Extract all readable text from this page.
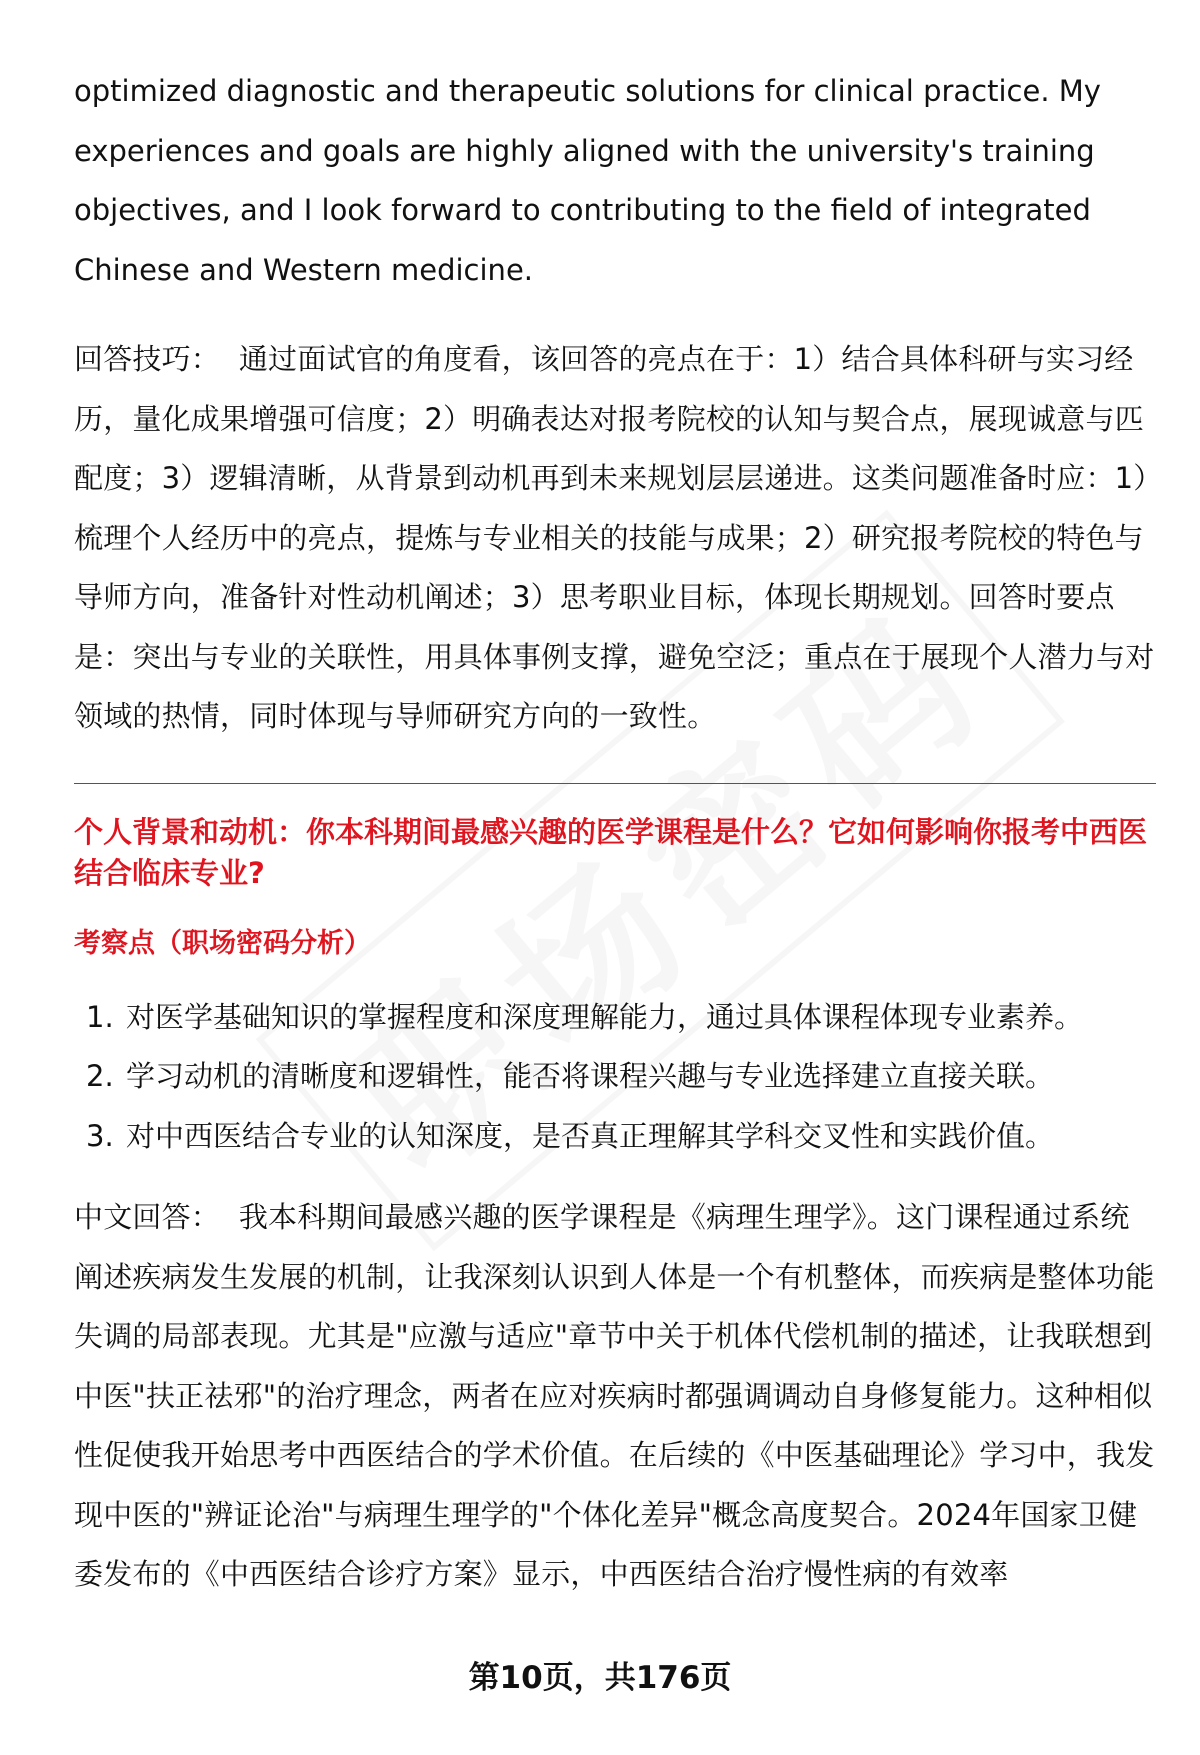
optimized diagnostic and therapeutic solutions for clinical practice. My experiences and goals are highly aligned with the university's training objectives, and I look forward to contributing to the field of integrated Chinese and Western medicine.

回答技巧： 通过面试官的角度看，该回答的亮点在于：1）结合具体科研与实习经历，量化成果增强可信度；2）明确表达对报考院校的认知与契合点，展现诚意与匹配度；3）逻辑清晰，从背景到动机再到未来规划层层递进。这类问题准备时应：1）梳理个人经历中的亮点，提炼与专业相关的技能与成果；2）研究报考院校的特色与导师方向，准备针对性动机阐述；3）思考职业目标，体现长期规划。回答时要点是：突出与专业的关联性，用具体事例支撑，避免空泛；重点在于展现个人潜力与对领域的热情，同时体现与导师研究方向的一致性。

个人背景和动机：你本科期间最感兴趣的医学课程是什么？它如何影响你报考中西医结合临床专业?

考察点（职场密码分析）

1. 对医学基础知识的掌握程度和深度理解能力，通过具体课程体现专业素养。
2. 学习动机的清晰度和逻辑性，能否将课程兴趣与专业选择建立直接关联。
3. 对中西医结合专业的认知深度，是否真正理解其学科交叉性和实践价值。

中文回答： 我本科期间最感兴趣的医学课程是《病理生理学》。这门课程通过系统阐述疾病发生发展的机制，让我深刻认识到人体是一个有机整体，而疾病是整体功能失调的局部表现。尤其是"应激与适应"章节中关于机体代偿机制的描述，让我联想到中医"扶正祛邪"的治疗理念，两者在应对疾病时都强调调动自身修复能力。这种相似性促使我开始思考中西医结合的学术价值。在后续的《中医基础理论》学习中，我发现中医的"辨证论治"与病理生理学的"个体化差异"概念高度契合。2024年国家卫健委发布的《中西医结合诊疗方案》显示，中西医结合治疗慢性病的有效率

第10页，共176页
